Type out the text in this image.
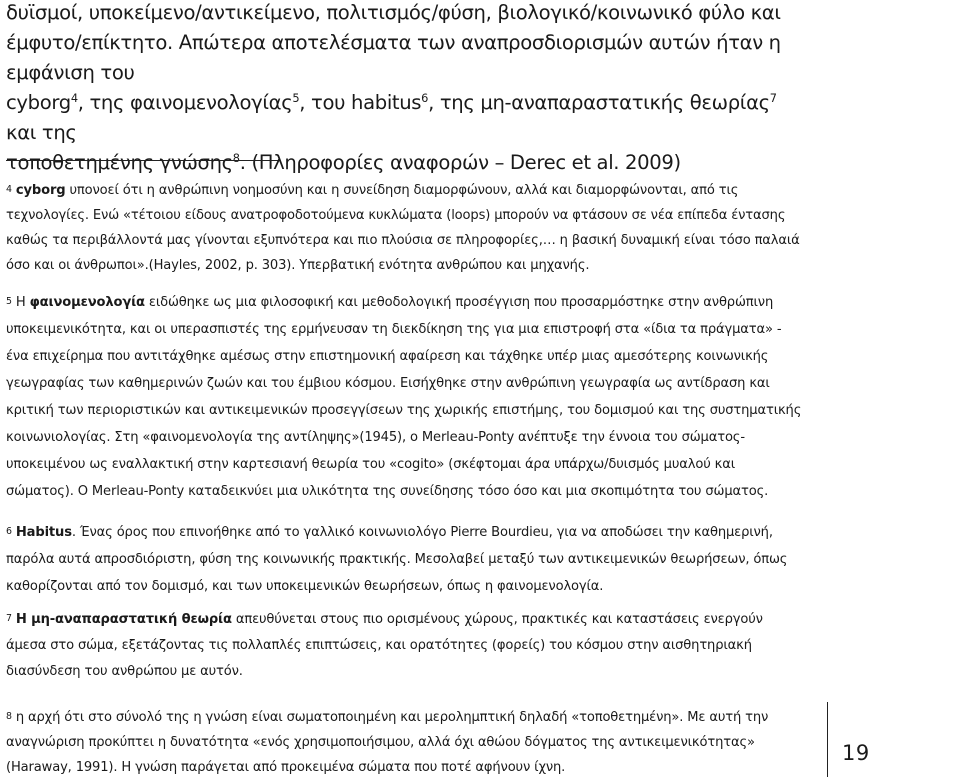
δυϊσμοί, υποκείμενο/αντικείμενο, πολιτισμός/φύση, βιολογικό/κοινωνικό φύλο και
έμφυτο/επίκτητο. Απώτερα αποτελέσματα των αναπροσδιορισμών αυτών ήταν η εμφάνιση του
cyborg$^4$, της φαινομενολογίας$^5$, του habitus$^6$, της μη-αναπαραστατικής θεωρίας$^7$ και της
τοποθετημένης γνώσης$^8$. (Πληροφορίες αναφορών – Derec et al. 2009)

$^4$ cyborg υπονοεί ότι η ανθρώπινη νοημοσύνη και η συνείδηση διαμορφώνουν, αλλά και διαμορφώνονται, από τις τεχνολογίες. Ενώ «τέτοιου είδους ανατροφοδοτούμενα κυκλώματα (loops) μπορούν να φτάσουν σε νέα επίπεδα έντασης καθώς τα περιβάλλοντά μας γίνονται εξυπνότερα και πιο πλούσια σε πληροφορίες,… η βασική δυναμική είναι τόσο παλαιά όσο και οι άνθρωποι».(Hayles, 2002, p. 303). Υπερβατική ενότητα ανθρώπου και μηχανής.

$^5$ Η φαινομενολογία ειδώθηκε ως μια φιλοσοφική και μεθοδολογική προσέγγιση που προσαρμόστηκε στην ανθρώπινη υποκειμενικότητα, και οι υπερασπιστές της ερμήνευσαν τη διεκδίκηση της για μια επιστροφή στα «ίδια τα πράγματα» - ένα επιχείρημα που αντιτάχθηκε αμέσως στην επιστημονική αφαίρεση και τάχθηκε υπέρ μιας αμεσότερης κοινωνικής γεωγραφίας των καθημερινών ζωών και του έμβιου κόσμου. Εισήχθηκε στην ανθρώπινη γεωγραφία ως αντίδραση και κριτική των περιοριστικών και αντικειμενικών προσεγγίσεων της χωρικής επιστήμης, του δομισμού και της συστηματικής κοινωνιολογίας. Στη «φαινομενολογία της αντίληψης»(1945), ο Merleau-Ponty ανέπτυξε την έννοια του σώματος-υποκειμένου ως εναλλακτική στην καρτεσιανή θεωρία του «cogito» (σκέφτομαι άρα υπάρχω/δυισμός μυαλού και σώματος). Ο Merleau-Ponty καταδεικνύει μια υλικότητα της συνείδησης τόσο όσο και μια σκοπιμότητα του σώματος.

$^6$ Habitus. Ένας όρος που επινοήθηκε από το γαλλικό κοινωνιολόγο Pierre Bourdieu, για να αποδώσει την καθημερινή, παρόλα αυτά απροσδιόριστη, φύση της κοινωνικής πρακτικής. Μεσολαβεί μεταξύ των αντικειμενικών θεωρήσεων, όπως καθορίζονται από τον δομισμό, και των υποκειμενικών θεωρήσεων, όπως η φαινομενολογία.

$^7$ Η μη-αναπαραστατική θεωρία απευθύνεται στους πιο ορισμένους χώρους, πρακτικές και καταστάσεις ενεργούν άμεσα στο σώμα, εξετάζοντας τις πολλαπλές επιπτώσεις, και ορατότητες (φορείς) του κόσμου στην αισθητηριακή διασύνδεση του ανθρώπου με αυτόν.

$^8$ η αρχή ότι στο σύνολό της η γνώση είναι σωματοποιημένη και μερολημπτική δηλαδή «τοποθετημένη». Με αυτή την αναγνώριση προκύπτει η δυνατότητα «ενός χρησιμοποιήσιμου, αλλά όχι αθώου δόγματος της αντικειμενικότητας» (Haraway, 1991). Η γνώση παράγεται από προκειμένα σώματα που ποτέ αφήνουν ίχνη.

19
